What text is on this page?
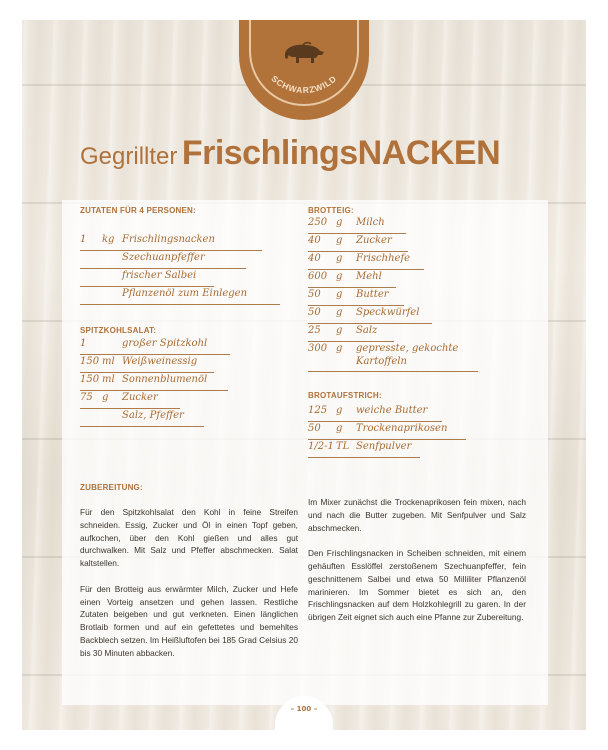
SCHWARZWILD
Gegrillter FrischlingsNACKEN
ZUTATEN FÜR 4 PERSONEN:
SPITZKOHLSALAT:
BROTTEIG:
BROTAUFSTRICH:
1 kg Frischlingsnacken
Szechuanpfeffer
frischer Salbei
Pflanzenöl zum Einlegen
1	großer Spitzkohl
150 ml Weißweinessig
150 ml Sonnenblumenöl
75 g Zucker
Salz, Pfeffer
250 g Milch
40 g Zucker
40 g Frischhefe
600 g Mehl
50 g Butter
50 g Speckwürfel
25 g Salz
300 g gepresste, gekochte Kartoffeln
125 g weiche Butter
50 g Trockenaprikosen
1/2-1 TL Senfpulver
ZUBEREITUNG:

Für den Spitzkohlsalat den Kohl in feine Streifen schneiden. Essig, Zucker und Öl in einen Topf geben, aufkochen, über den Kohl gießen und alles gut durchwalken. Mit Salz und Pfeffer abschmecken. Salat kaltstellen.

Für den Brotteig aus erwärmter Milch, Zucker und Hefe einen Vorteig ansetzen und gehen lassen. Restliche Zutaten beigeben und gut verkneten. Einen länglichen Brotlaib formen und auf ein gefettetes und bemehltes Backblech setzen. Im Heißluftofen bei 185 Grad Celsius 20 bis 30 Minuten abbacken.

Im Mixer zunächst die Trockenaprikosen fein mixen, nach und nach die Butter zugeben. Mit Senfpulver und Salz abschmecken.

Den Frischlingsnacken in Scheiben schneiden, mit einem gehäuften Esslöffel zerstoßenem Szechuanpfeffer, fein geschnittenem Salbei und etwa 50 Milliliter Pflanzenöl marinieren. Im Sommer bietet es sich an, den Frischlingsnacken auf dem Holzkohlegrill zu garen. In der übrigen Zeit eignet sich auch eine Pfanne zur Zubereitung.

– 100 –
